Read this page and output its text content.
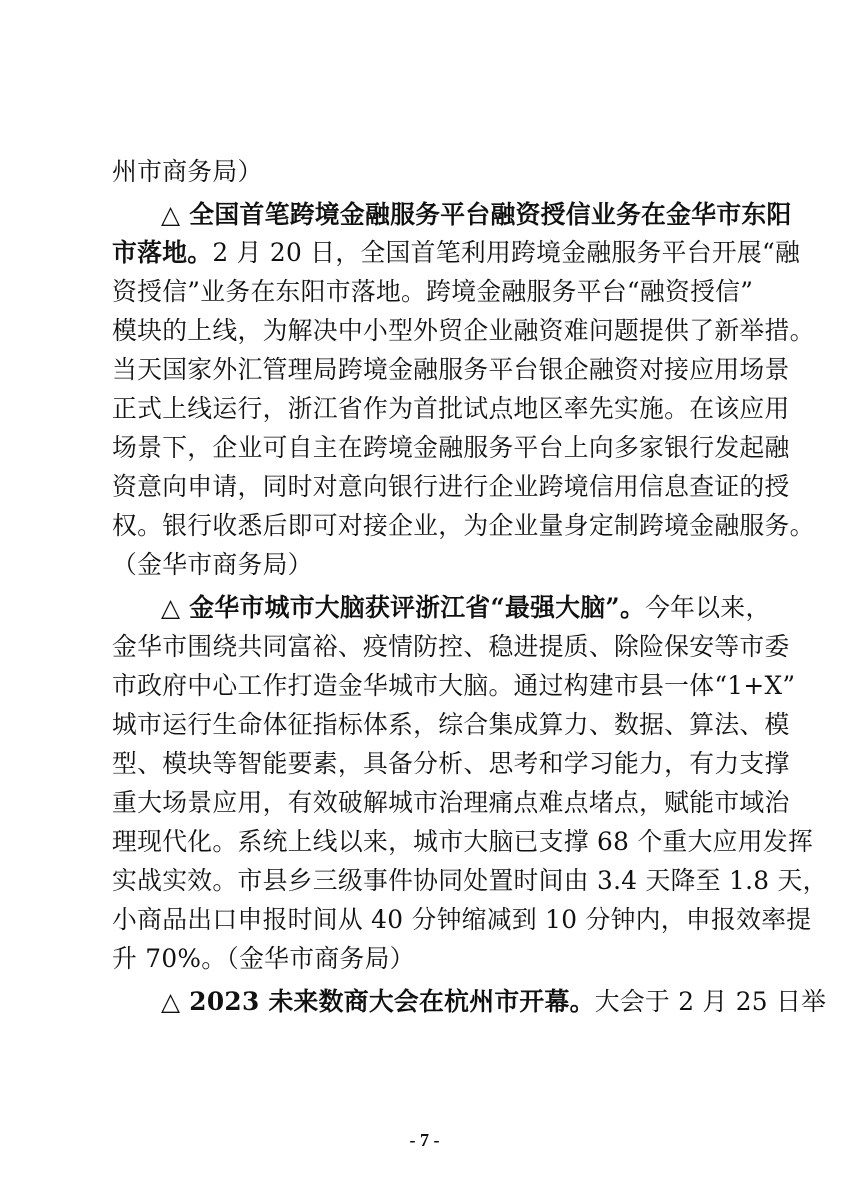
州市商务局）
△ 全国首笔跨境金融服务平台融资授信业务在金华市东阳
市落地。2 月 20 日，全国首笔利用跨境金融服务平台开展“融
资授信”业务在东阳市落地。跨境金融服务平台“融资授信”
模块的上线，为解决中小型外贸企业融资难问题提供了新举措。
当天国家外汇管理局跨境金融服务平台银企融资对接应用场景
正式上线运行，浙江省作为首批试点地区率先实施。在该应用
场景下，企业可自主在跨境金融服务平台上向多家银行发起融
资意向申请，同时对意向银行进行企业跨境信用信息查证的授
权。银行收悉后即可对接企业，为企业量身定制跨境金融服务。
（金华市商务局）
△ 金华市城市大脑获评浙江省“最强大脑”。今年以来，
金华市围绕共同富裕、疫情防控、稳进提质、除险保安等市委
市政府中心工作打造金华城市大脑。通过构建市县一体“1+X”
城市运行生命体征指标体系，综合集成算力、数据、算法、模
型、模块等智能要素，具备分析、思考和学习能力，有力支撑
重大场景应用，有效破解城市治理痛点难点堵点，赋能市域治
理现代化。系统上线以来，城市大脑已支撑 68 个重大应用发挥
实战实效。市县乡三级事件协同处置时间由 3.4 天降至 1.8 天，
小商品出口申报时间从 40 分钟缩减到 10 分钟内，申报效率提
升 70%。（金华市商务局）
△ 2023 未来数商大会在杭州市开幕。大会于 2 月 25 日举
- 7 -
